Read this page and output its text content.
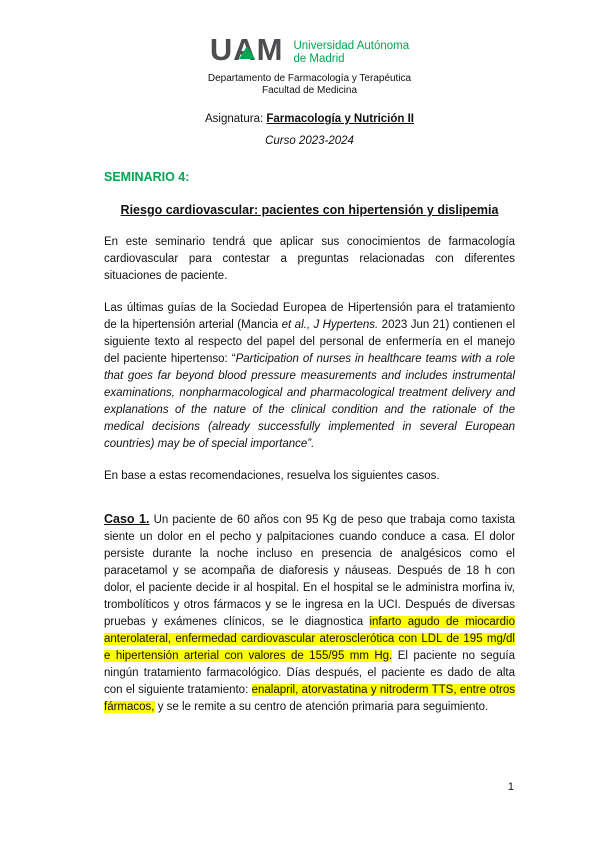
UAM Universidad Autónoma
de Madrid
Departamento de Farmacología y Terapéutica
Facultad de Medicina
Asignatura: Farmacología y Nutrición II
Curso 2023-2024
SEMINARIO 4:
Riesgo cardiovascular: pacientes con hipertensión y dislipemia

En este seminario tendrá que aplicar sus conocimientos de farmacología cardiovascular para contestar a preguntas relacionadas con diferentes situaciones de paciente.

Las últimas guías de la Sociedad Europea de Hipertensión para el tratamiento de la hipertensión arterial (Mancia et al., J Hypertens. 2023 Jun 21) contienen el siguiente texto al respecto del papel del personal de enfermería en el manejo del paciente hipertenso: “Participation of nurses in healthcare teams with a role that goes far beyond blood pressure measurements and includes instrumental examinations, nonpharmacological and pharmacological treatment delivery and explanations of the nature of the clinical condition and the rationale of the medical decisions (already successfully implemented in several European countries) may be of special importance”.

En base a estas recomendaciones, resuelva los siguientes casos.

Caso 1. Un paciente de 60 años con 95 Kg de peso que trabaja como taxista siente un dolor en el pecho y palpitaciones cuando conduce a casa. El dolor persiste durante la noche incluso en presencia de analgésicos como el paracetamol y se acompaña de diaforesis y náuseas. Después de 18 h con dolor, el paciente decide ir al hospital. En el hospital se le administra morfina iv, trombolíticos y otros fármacos y se le ingresa en la UCI. Después de diversas pruebas y exámenes clínicos, se le diagnostica infarto agudo de miocardio anterolateral, enfermedad cardiovascular aterosclerótica con LDL de 195 mg/dl e hipertensión arterial con valores de 155/95 mm Hg. El paciente no seguía ningún tratamiento farmacológico. Días después, el paciente es dado de alta con el siguiente tratamiento: enalapril, atorvastatina y nitroderm TTS, entre otros fármacos, y se le remite a su centro de atención primaria para seguimiento.

1
